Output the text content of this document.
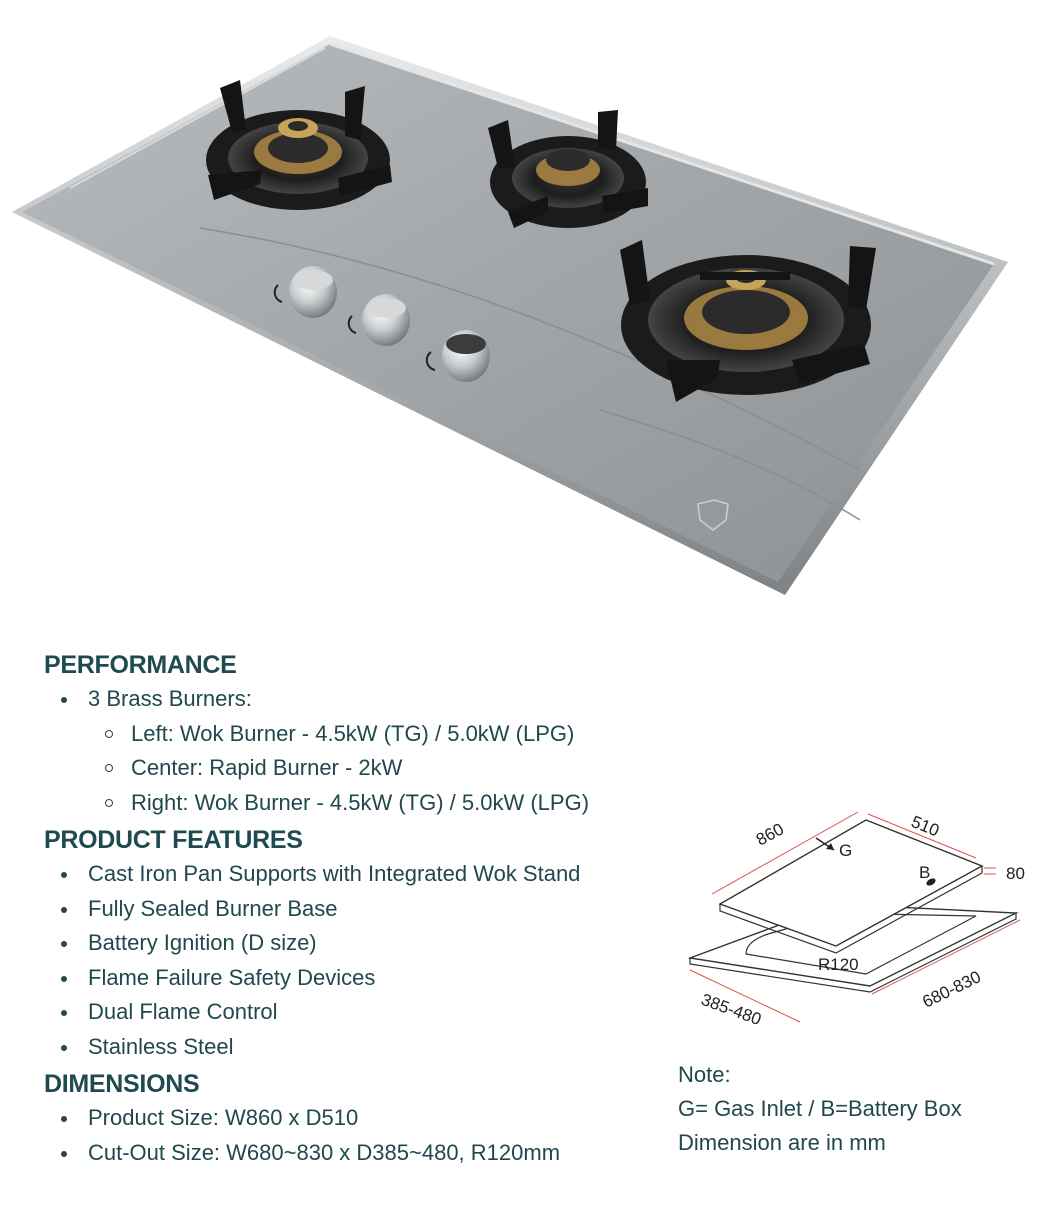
PERFORMANCE
3 Brass Burners:
Left: Wok Burner - 4.5kW (TG) / 5.0kW (LPG)
Center: Rapid Burner - 2kW
Right: Wok Burner - 4.5kW (TG) / 5.0kW (LPG)
PRODUCT FEATURES
Cast Iron Pan Supports with Integrated Wok Stand
Fully Sealed Burner Base
Battery Ignition (D size)
Flame Failure Safety Devices
Dual Flame Control
Stainless Steel
DIMENSIONS
Product Size: W860 x D510
Cut-Out Size: W680~830 x D385~480, R120mm
860	510
80
G
B
R120
680-830
385-480
Note:
G= Gas Inlet / B=Battery Box
Dimension are in mm
